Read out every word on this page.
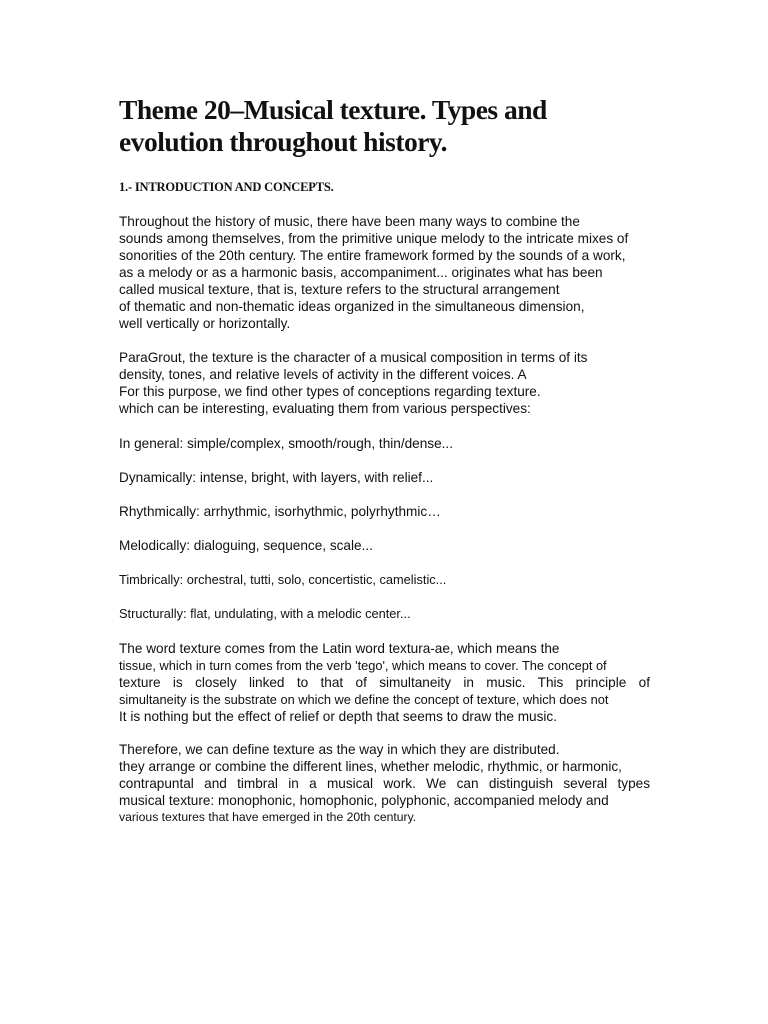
Theme 20–Musical texture. Types and
evolution throughout history.
1.- INTRODUCTION AND CONCEPTS.

Throughout the history of music, there have been many ways to combine the
sounds among themselves, from the primitive unique melody to the intricate mixes of
sonorities of the 20th century. The entire framework formed by the sounds of a work,
as a melody or as a harmonic basis, accompaniment... originates what has been
called musical texture, that is, texture refers to the structural arrangement
of thematic and non-thematic ideas organized in the simultaneous dimension,
well vertically or horizontally.

ParaGrout, the texture is the character of a musical composition in terms of its
density, tones, and relative levels of activity in the different voices. A
For this purpose, we find other types of conceptions regarding texture.
which can be interesting, evaluating them from various perspectives:

In general: simple/complex, smooth/rough, thin/dense...

Dynamically: intense, bright, with layers, with relief...

Rhythmically: arrhythmic, isorhythmic, polyrhythmic…

Melodically: dialoguing, sequence, scale...

Timbrically: orchestral, tutti, solo, concertistic, camelistic...

Structurally: flat, undulating, with a melodic center...

The word texture comes from the Latin word textura-ae, which means the
tissue, which in turn comes from the verb 'tego', which means to cover. The concept of
texture is closely linked to that of simultaneity in music. This principle of
simultaneity is the substrate on which we define the concept of texture, which does not
It is nothing but the effect of relief or depth that seems to draw the music.

Therefore, we can define texture as the way in which they are distributed.
they arrange or combine the different lines, whether melodic, rhythmic, or harmonic,
contrapuntal and timbral in a musical work. We can distinguish several types
musical texture: monophonic, homophonic, polyphonic, accompanied melody and
various textures that have emerged in the 20th century.
